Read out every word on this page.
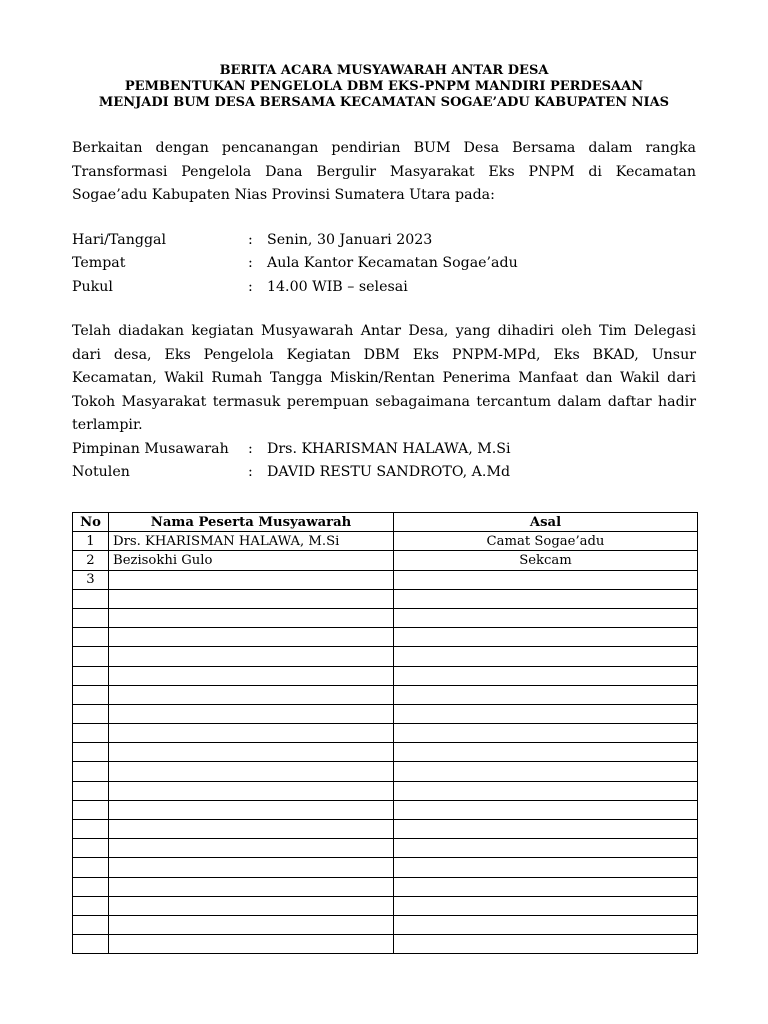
BERITA ACARA MUSYAWARAH ANTAR DESA
PEMBENTUKAN PENGELOLA DBM EKS-PNPM MANDIRI PERDESAAN
MENJADI BUM DESA BERSAMA KECAMATAN SOGAE’ADU KABUPATEN NIAS

Berkaitan dengan pencanangan pendirian BUM Desa Bersama dalam rangka Transformasi Pengelola Dana Bergulir Masyarakat Eks PNPM di Kecamatan Sogae’adu Kabupaten Nias Provinsi Sumatera Utara pada:

Hari/Tanggal	:	Senin, 30 Januari 2023
Tempat	:	Aula Kantor Kecamatan Sogae’adu
Pukul	:	14.00 WIB – selesai

Telah diadakan kegiatan Musyawarah Antar Desa, yang dihadiri oleh Tim Delegasi dari desa, Eks Pengelola Kegiatan DBM Eks PNPM-MPd, Eks BKAD, Unsur Kecamatan, Wakil Rumah Tangga Miskin/Rentan Penerima Manfaat dan Wakil dari Tokoh Masyarakat termasuk perempuan sebagaimana tercantum dalam daftar hadir terlampir.

Pimpinan Musawarah	:	Drs. KHARISMAN HALAWA, M.Si
Notulen	:	DAVID RESTU SANDROTO, A.Md
No	Nama Peserta Musyawarah	Asal
1	Drs. KHARISMAN HALAWA, M.Si	Camat Sogae’adu
2	Bezisokhi Gulo	Sekcam
3		
